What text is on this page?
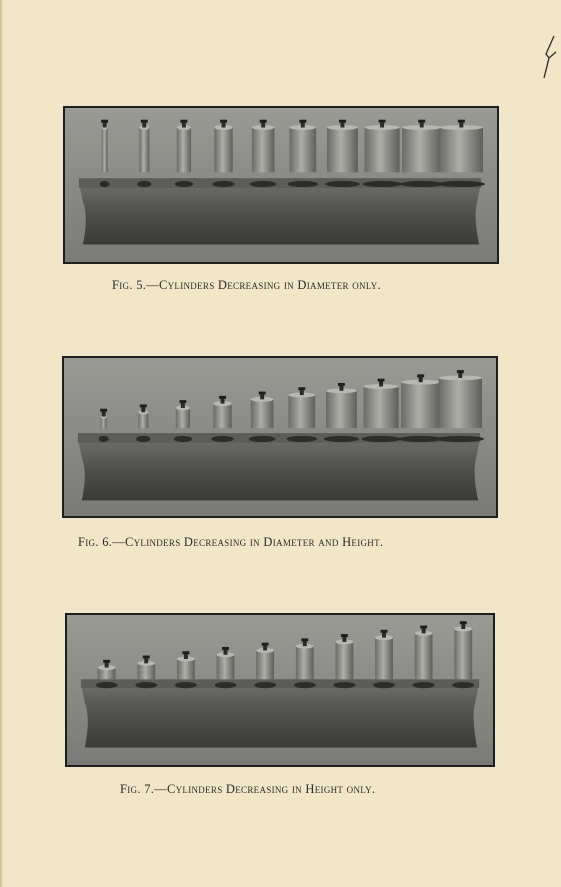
Fig. 5.—Cylinders Decreasing in Diameter only.
Fig. 6.—Cylinders Decreasing in Diameter and Height.
Fig. 7.—Cylinders Decreasing in Height only.
